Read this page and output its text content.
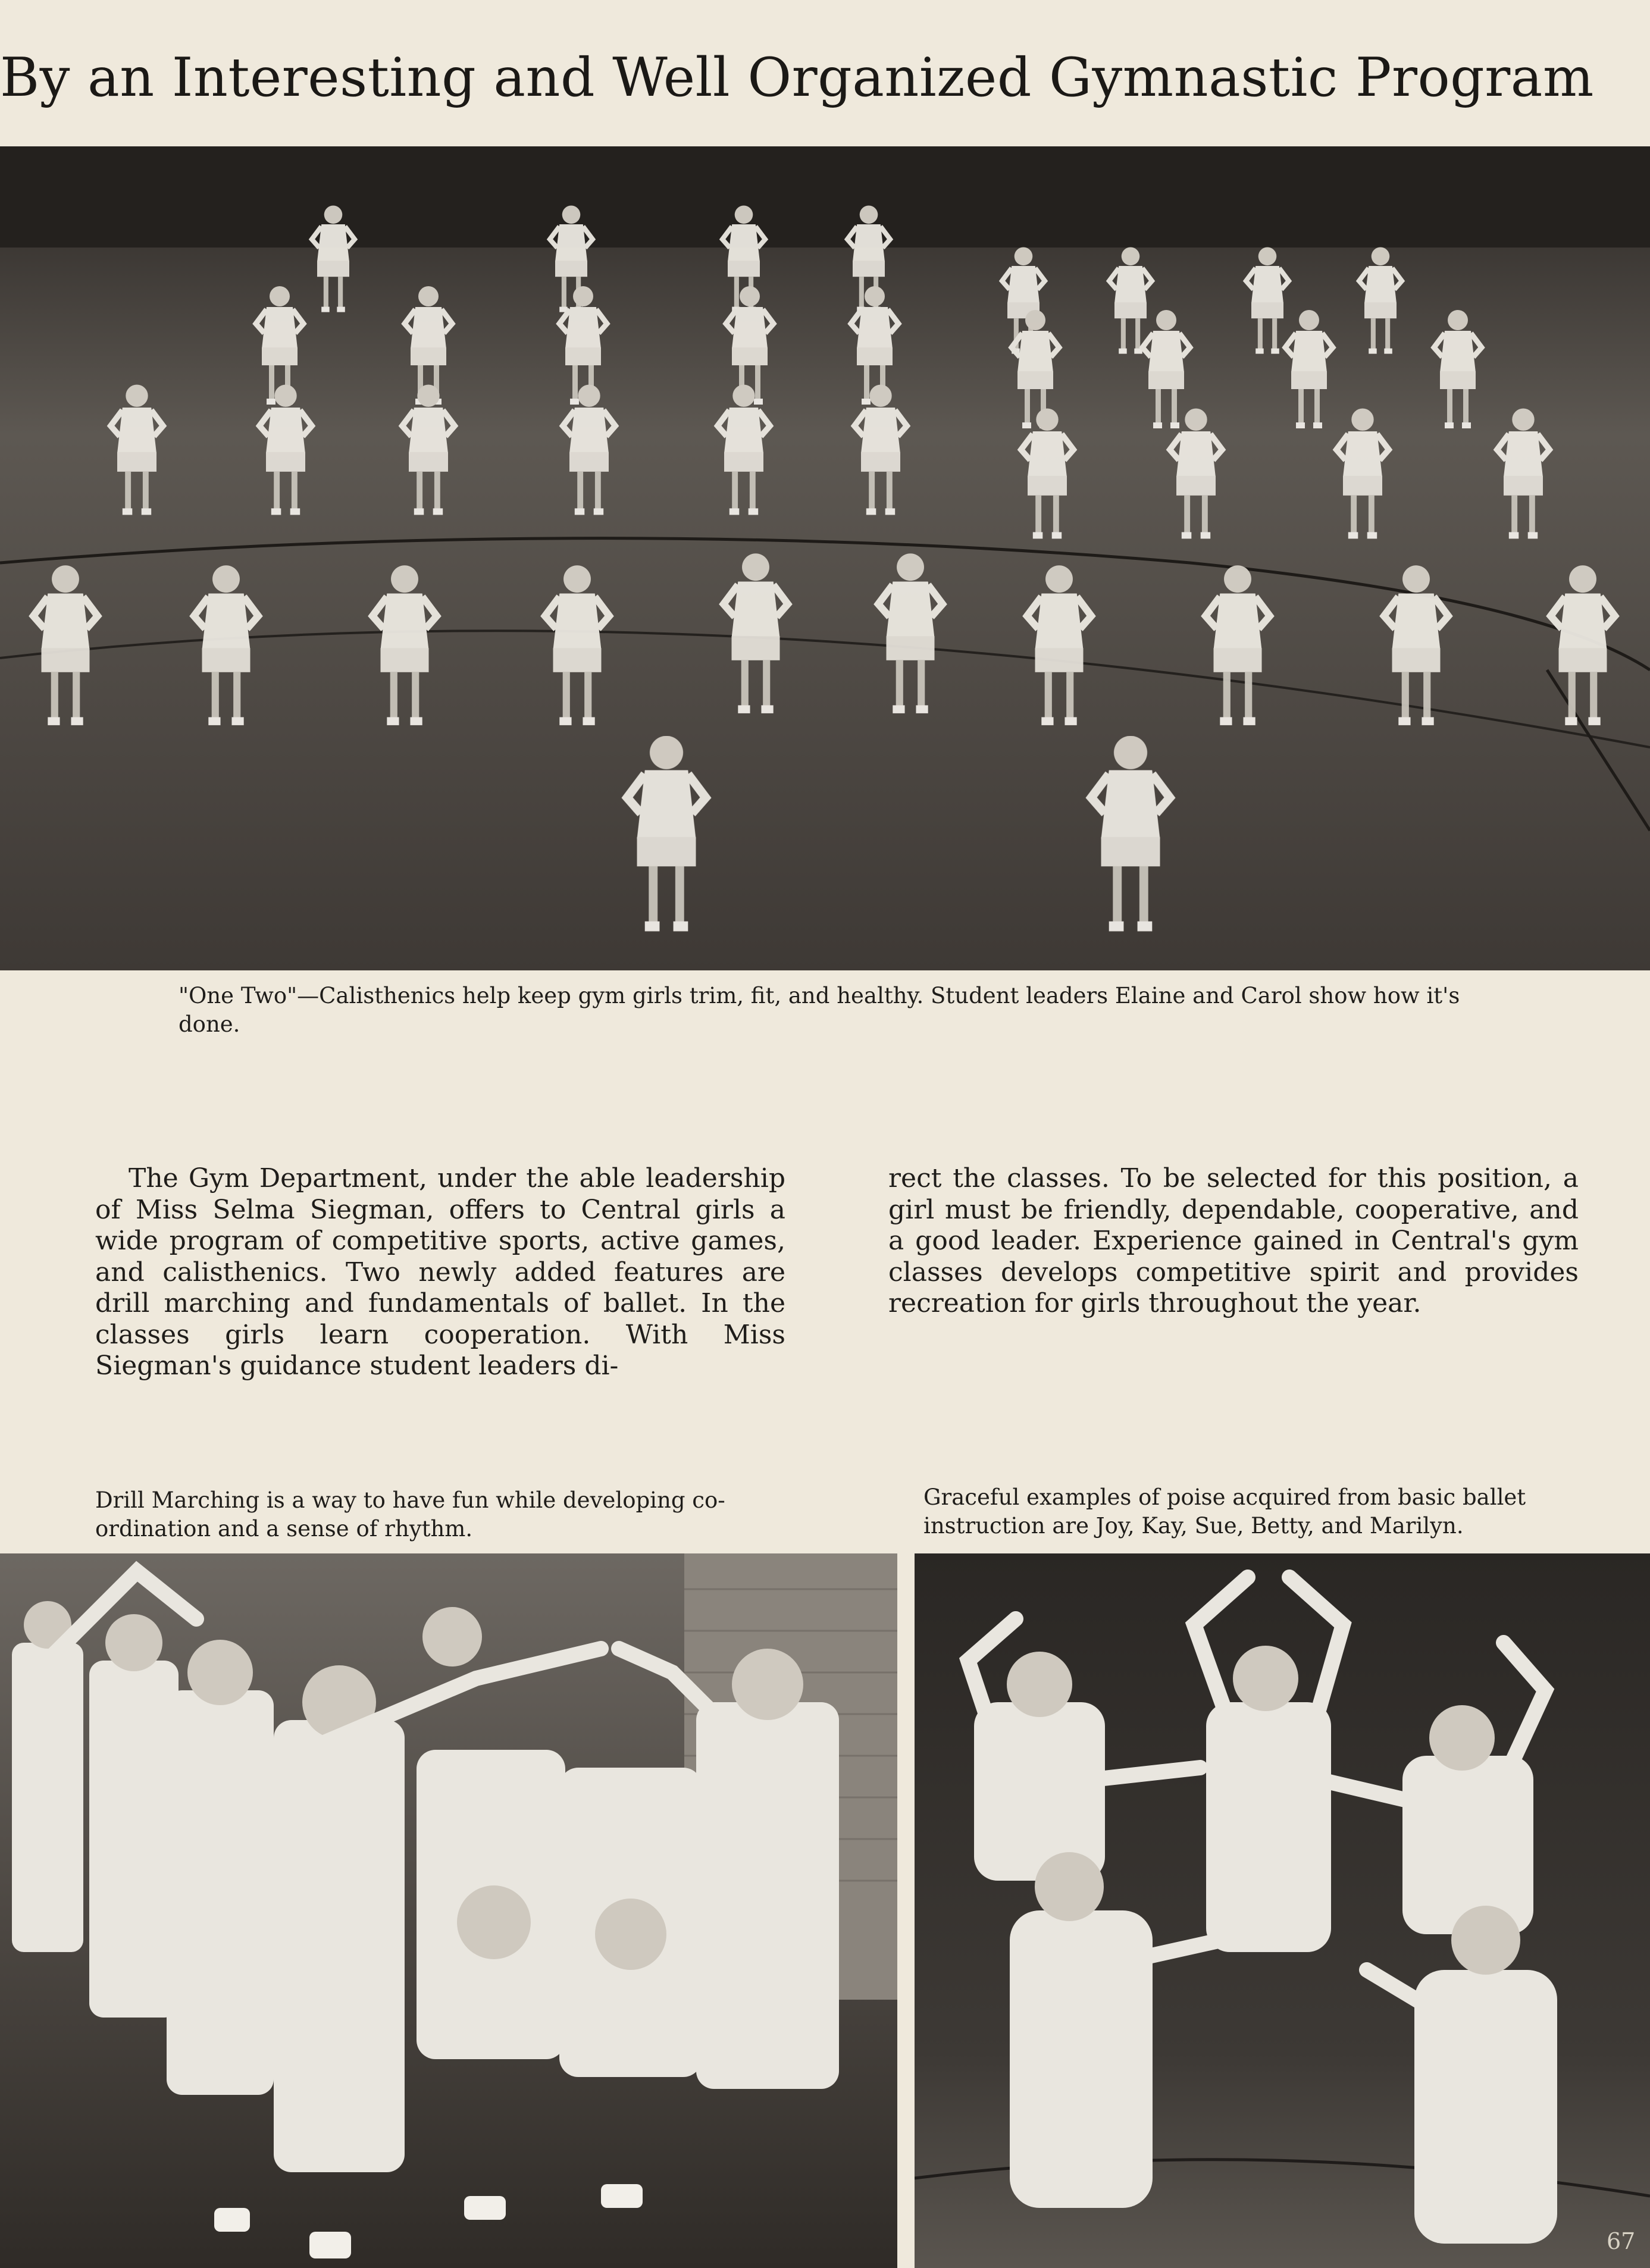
By an Interesting and Well Organized Gymnastic Program

"One Two"—Calisthenics help keep gym girls trim, fit, and healthy. Student leaders Elaine and Carol show how it's done.

The Gym Department, under the able leadership of Miss Selma Siegman, offers to Central girls a wide program of competitive sports, active games, and calisthenics. Two newly added features are drill marching and fundamentals of ballet. In the classes girls learn cooperation. With Miss Siegman's guidance student leaders di-

rect the classes. To be selected for this position, a girl must be friendly, dependable, cooperative, and a good leader. Experience gained in Central's gym classes develops competitive spirit and provides recreation for girls throughout the year.

Drill Marching is a way to have fun while developing co-ordination and a sense of rhythm.

Graceful examples of poise acquired from basic ballet instruction are Joy, Kay, Sue, Betty, and Marilyn.

67
